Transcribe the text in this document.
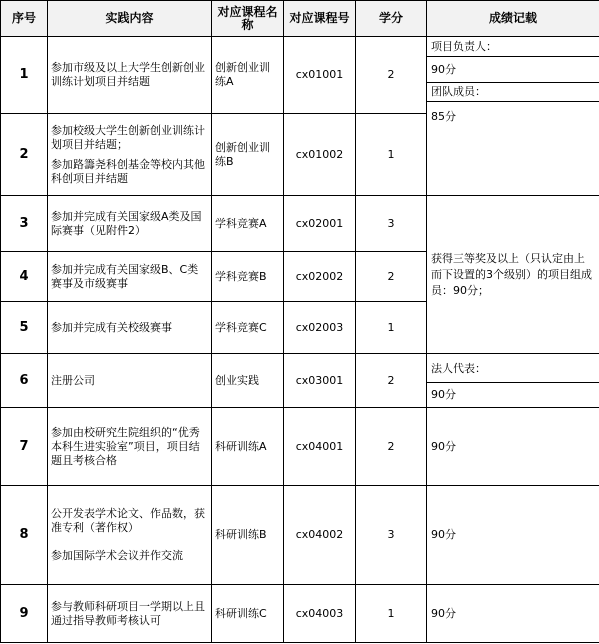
序号	实践内容	对应课程名称	对应课程号	学分	成绩记载
1	参加市级及以上大学生创新创业训练计划项目并结题	创新创业训练A	cx01001	2	项目负责人：
90分
团队成员：
85分

2	参加校级大学生创新创业训练计划项目并结题；
参加路籌尧科创基金等校内其他科创项目并结题	创新创业训练B	cx01002	1	
3	参加并完成有关国家级A类及国际赛事（见附件2）	学科竞赛A	cx02001	3	获得三等奖及以上（只认定由上而下设置的3个级别）的项目组成员：90分；

4	参加并完成有关国家级B、C类赛事及市级赛事	学科竞赛B	cx02002	2	
5	参加并完成有关校级赛事	学科竞赛C	cx02003	1	
6	注册公司	创业实践	cx03001	2	法人代表：
90分

7	参加由校研究生院组织的“优秀本科生进实验室”项目，项目结题且考核合格	科研训练A	cx04001	2	90分
8	公开发表学术论文、作品数，获准专利（著作权）
参加国际学术会议并作交流	科研训练B	cx04002	3	90分
9	参与教师科研项目一学期以上且通过指导教师考核认可	科研训练C	cx04003	1	90分
